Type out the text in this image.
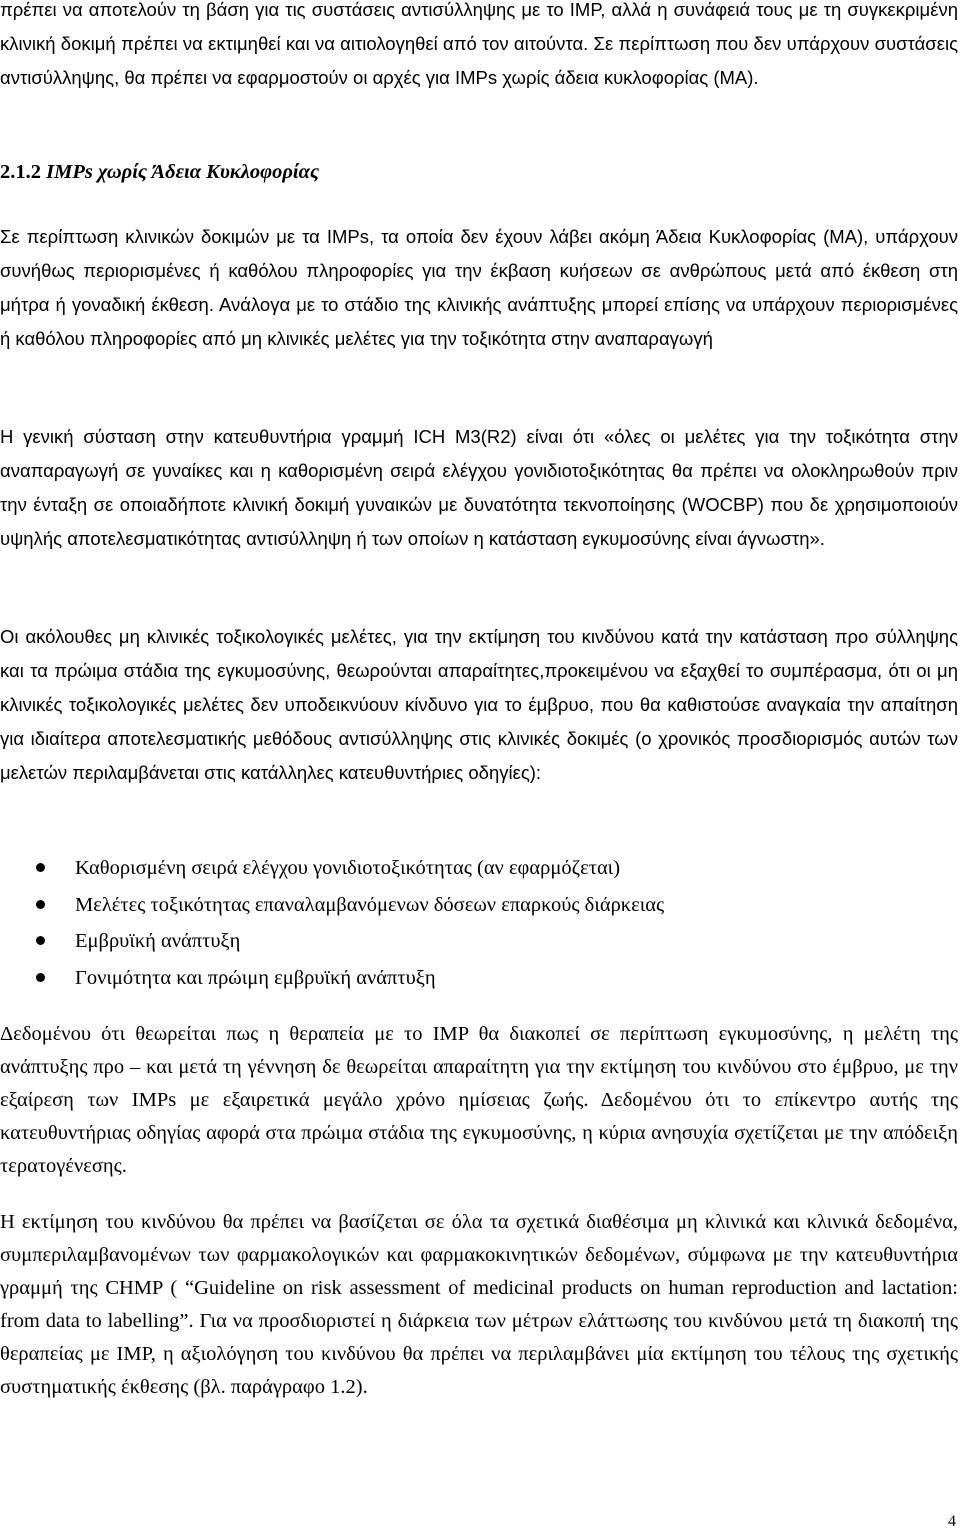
πρέπει να αποτελούν τη βάση για τις συστάσεις αντισύλληψης με το IMP, αλλά η συνάφειά τους με τη συγκεκριμένη κλινική δοκιμή πρέπει να εκτιμηθεί και να αιτιολογηθεί από τον αιτούντα. Σε περίπτωση που δεν υπάρχουν συστάσεις αντισύλληψης, θα πρέπει να εφαρμοστούν οι αρχές για IMPs χωρίς άδεια κυκλοφορίας (ΜΑ).

2.1.2 IMPs χωρίς Άδεια Κυκλοφορίας

Σε περίπτωση κλινικών δοκιμών με τα IMPs, τα οποία δεν έχουν λάβει ακόμη Άδεια Κυκλοφορίας (ΜΑ), υπάρχουν συνήθως περιορισμένες ή καθόλου πληροφορίες για την έκβαση κυήσεων σε ανθρώπους μετά από έκθεση στη μήτρα ή γοναδική έκθεση. Ανάλογα με το στάδιο της κλινικής ανάπτυξης μπορεί επίσης να υπάρχουν περιορισμένες ή καθόλου πληροφορίες από μη κλινικές μελέτες για την τοξικότητα στην αναπαραγωγή

Η γενική σύσταση στην κατευθυντήρια γραμμή ICH M3(R2) είναι ότι «όλες οι μελέτες για την τοξικότητα στην αναπαραγωγή σε γυναίκες και η καθορισμένη σειρά ελέγχου γονιδιοτοξικότητας θα πρέπει να ολοκληρωθούν πριν την ένταξη σε οποιαδήποτε κλινική δοκιμή γυναικών με δυνατότητα τεκνοποίησης (WOCBP) που δε χρησιμοποιούν υψηλής αποτελεσματικότητας αντισύλληψη ή των οποίων η κατάσταση εγκυμοσύνης είναι άγνωστη».

Οι ακόλουθες μη κλινικές τοξικολογικές μελέτες, για την εκτίμηση του κινδύνου κατά την κατάσταση προ σύλληψης και τα πρώιμα στάδια της εγκυμοσύνης, θεωρούνται απαραίτητες,προκειμένου να εξαχθεί το συμπέρασμα, ότι οι μη κλινικές τοξικολογικές μελέτες δεν υποδεικνύουν κίνδυνο για το έμβρυο, που θα καθιστούσε αναγκαία την απαίτηση για ιδιαίτερα αποτελεσματικής μεθόδους αντισύλληψης στις κλινικές δοκιμές (ο χρονικός προσδιορισμός αυτών των μελετών περιλαμβάνεται στις κατάλληλες κατευθυντήριες οδηγίες):

Καθορισμένη σειρά ελέγχου γονιδιοτοξικότητας (αν εφαρμόζεται)
Μελέτες τοξικότητας επαναλαμβανόμενων δόσεων επαρκούς διάρκειας
Εμβρυϊκή ανάπτυξη
Γονιμότητα και πρώιμη εμβρυϊκή ανάπτυξη

Δεδομένου ότι θεωρείται πως η θεραπεία με το IMP θα διακοπεί σε περίπτωση εγκυμοσύνης, η μελέτη της ανάπτυξης προ – και μετά τη γέννηση δε θεωρείται απαραίτητη για την εκτίμηση του κινδύνου στο έμβρυο, με την εξαίρεση των IMPs με εξαιρετικά μεγάλο χρόνο ημίσειας ζωής. Δεδομένου ότι το επίκεντρο αυτής της κατευθυντήριας οδηγίας αφορά στα πρώιμα στάδια της εγκυμοσύνης, η κύρια ανησυχία σχετίζεται με την απόδειξη τερατογένεσης.

Η εκτίμηση του κινδύνου θα πρέπει να βασίζεται σε όλα τα σχετικά διαθέσιμα μη κλινικά και κλινικά δεδομένα, συμπεριλαμβανομένων των φαρμακολογικών και φαρμακοκινητικών δεδομένων, σύμφωνα με την κατευθυντήρια γραμμή της CHMP ( “Guideline on risk assessment of medicinal products on human reproduction and lactation: from data to labelling”. Για να προσδιοριστεί η διάρκεια των μέτρων ελάττωσης του κινδύνου μετά τη διακοπή της θεραπείας με IMP, η αξιολόγηση του κινδύνου θα πρέπει να περιλαμβάνει μία εκτίμηση του τέλους της σχετικής συστηματικής έκθεσης (βλ. παράγραφο 1.2).

4
